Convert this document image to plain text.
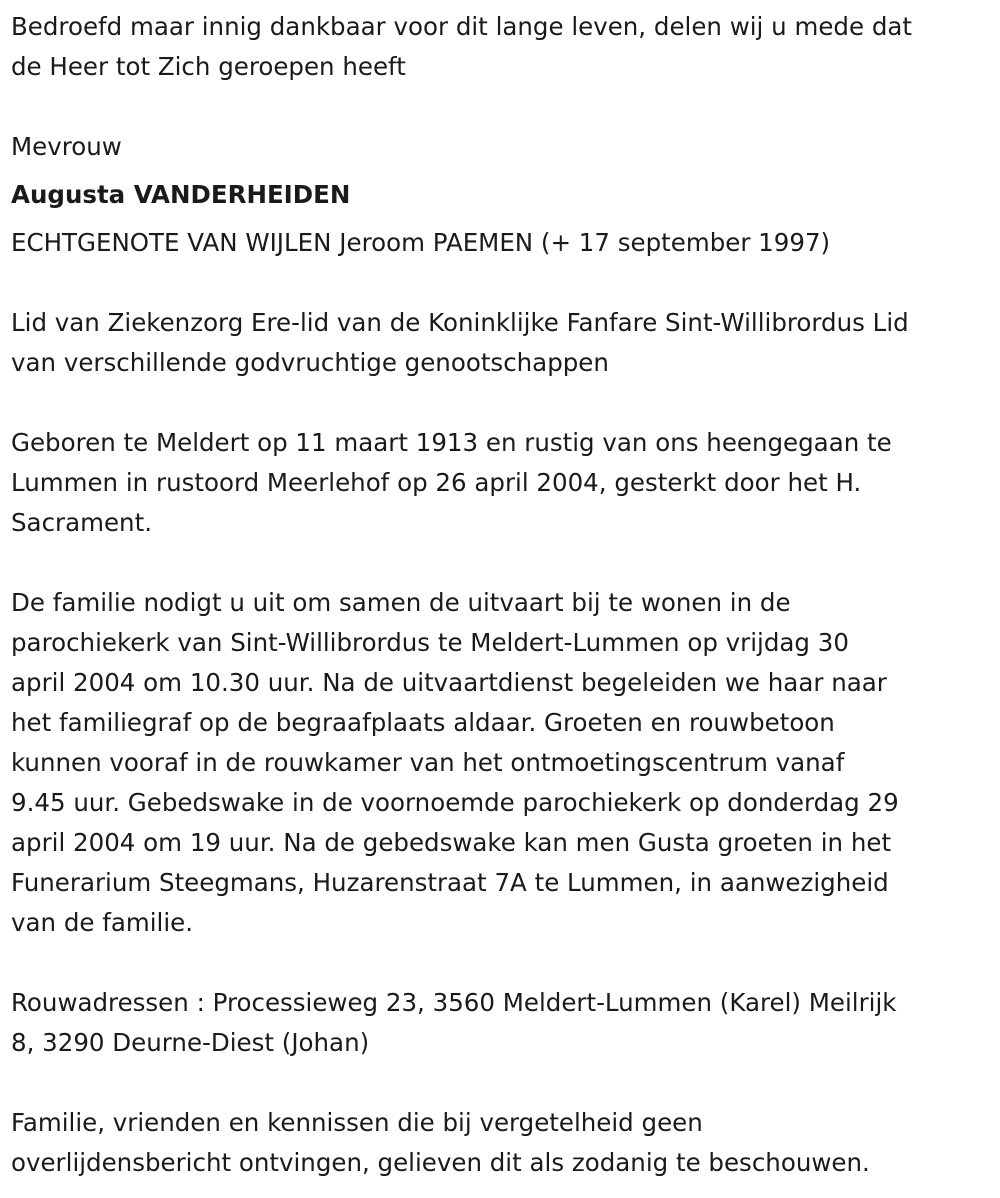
Bedroefd maar innig dankbaar voor dit lange leven, delen wij u mede dat
de Heer tot Zich geroepen heeft

Mevrouw

Augusta VANDERHEIDEN

ECHTGENOTE VAN WIJLEN Jeroom PAEMEN (+ 17 september 1997)

Lid van Ziekenzorg Ere-lid van de Koninklijke Fanfare Sint-Willibrordus Lid
van verschillende godvruchtige genootschappen

Geboren te Meldert op 11 maart 1913 en rustig van ons heengegaan te
Lummen in rustoord Meerlehof op 26 april 2004, gesterkt door het H.
Sacrament.

De familie nodigt u uit om samen de uitvaart bij te wonen in de
parochiekerk van Sint-Willibrordus te Meldert-Lummen op vrijdag 30
april 2004 om 10.30 uur. Na de uitvaartdienst begeleiden we haar naar
het familiegraf op de begraafplaats aldaar. Groeten en rouwbetoon
kunnen vooraf in de rouwkamer van het ontmoetingscentrum vanaf
9.45 uur. Gebedswake in de voornoemde parochiekerk op donderdag 29
april 2004 om 19 uur. Na de gebedswake kan men Gusta groeten in het
Funerarium Steegmans, Huzarenstraat 7A te Lummen, in aanwezigheid
van de familie.

Rouwadressen : Processieweg 23, 3560 Meldert-Lummen (Karel) Meilrijk
8, 3290 Deurne-Diest (Johan)

Familie, vrienden en kennissen die bij vergetelheid geen
overlijdensbericht ontvingen, gelieven dit als zodanig te beschouwen.
